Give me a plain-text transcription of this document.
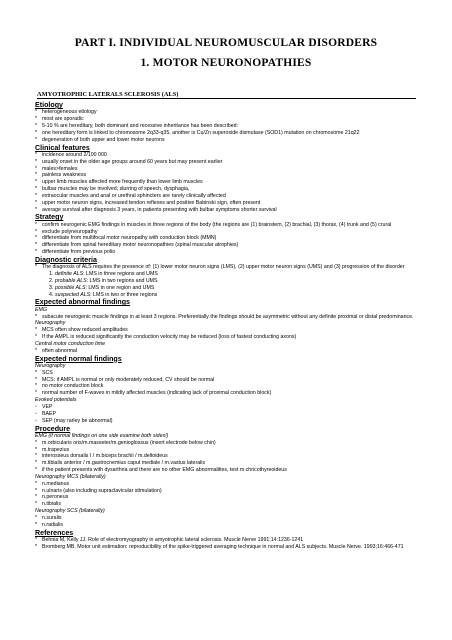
PART I. INDIVIDUAL NEUROMUSCULAR DISORDERS
1. MOTOR NEURONOPATHIES
AMYOTROPHIC LATERALS SCLEROSIS (ALS)
Etiology
* heterogeneous etiology
* most are sporadic
* 5-10 % are hereditary, both dominant and recessive inheritance has been described:
* one hereditary form is linked to chromosome 2q33-q35, another is Cu/Zn superoxide dismutase (SOD1) mutation on chromosome 21q22
* degeneration of both upper and lower motor neurons
Clinical features
* incidence around 2/100 000
* usually onset in the older age groups around 60 years but may present earlier
* males>females
* painless weakness
* upper limb muscles affected more frequently than lower limb muscles
* bulbar muscles may be involved; slurring of speech, dysphagia,
* extraocular muscles and anal or urethral sphincters are rarely clinically affected
* upper motor neuron signs, increased tendon reflexes and positive Babinski sign, often present
* average survival after diagnosis 3 years, in patients presenting with bulbar symptoms shorter survival
Strategy
* confirm neurogenic EMG findings in muscles in three regions of the body (the regions are (1) brainstem, (2) brachial, (3) thorax, (4) trunk and (5) crural
* exclude polyneuropathy
* differentiate from multifocal motor neuropathy with conduction block (MMN)
* differentiate from spinal hereditary motor neuronopathies (spinal muscular atrophies)
* differentiate from previous polio
Diagnostic criteria
* The diagnosis of ALS requires the presence of: (1) lower motor neuron signs (LMS), (2) upper motor neuron signs (UMS) and (3) progression of the disorder
1. definite ALS: LMS in three regions and UMS
2. probable ALS: LMS in two regions and UMS
3. possible ALS: LMS in one region and UMS
4. suspected ALS: LMS in two or three regions
Expected abnormal findings
EMG
* subacute neurogenic muscle findings in at least 3 regions. Preferentially the findings should be asymmetric without any definite proximal or distal predominance.
Neurography
* MCS often show reduced amplitudes
* If the AMPL is reduced significantly the conduction velocity may be reduced (loss of fastest conducting axons)
Central motor conduction time
* often abnormal
Expected normal findings
Neurography
* SCS
* MCS: if AMPL is normal or only moderately reduced, CV should be normal
* no motor conduction block
* normal number of F-waves in mildly affected muscles (indicating lack of proximal conduction block)
Evoked potentials
◦ VEP
◦ BAEP
◦ SEP (may rarley be abnormal)
Procedure
EMG (if normal findings on one side examine both sides!)
* m.orbicularis oris/m.masseter/m.genioglossus (insert electrode below chin)
* m.trapezius
* interosseus dorsalis I / m.biceps brachii / m.deltoideus
* m.tibialis anterior / m.gastrocnemius caput mediale / m.vastus lateralis
* if the patient presents with dysarthria and there are no other EMG abnormalities, test m.chricothyreoideus
Neurography MCS (bilaterally)
* n.medianus
* n.ulnaris (also including supraclavicular stimulation)
* n.peroneus
* n.tibialis
Neurography SCS (bilaterally)
* n.suralis
* n.radialis
References
* Behnia M, Kelly JJ. Role of electromyography in amyotrophic lateral sclerosis. Muscle Nerve 1991;14:1236-1241
* Bromberg MB. Motor unit estimation: reproducibility of the spike-triggered averaging technique in normal and ALS subjects. Muscle Nerve. 1993;16:466-471
